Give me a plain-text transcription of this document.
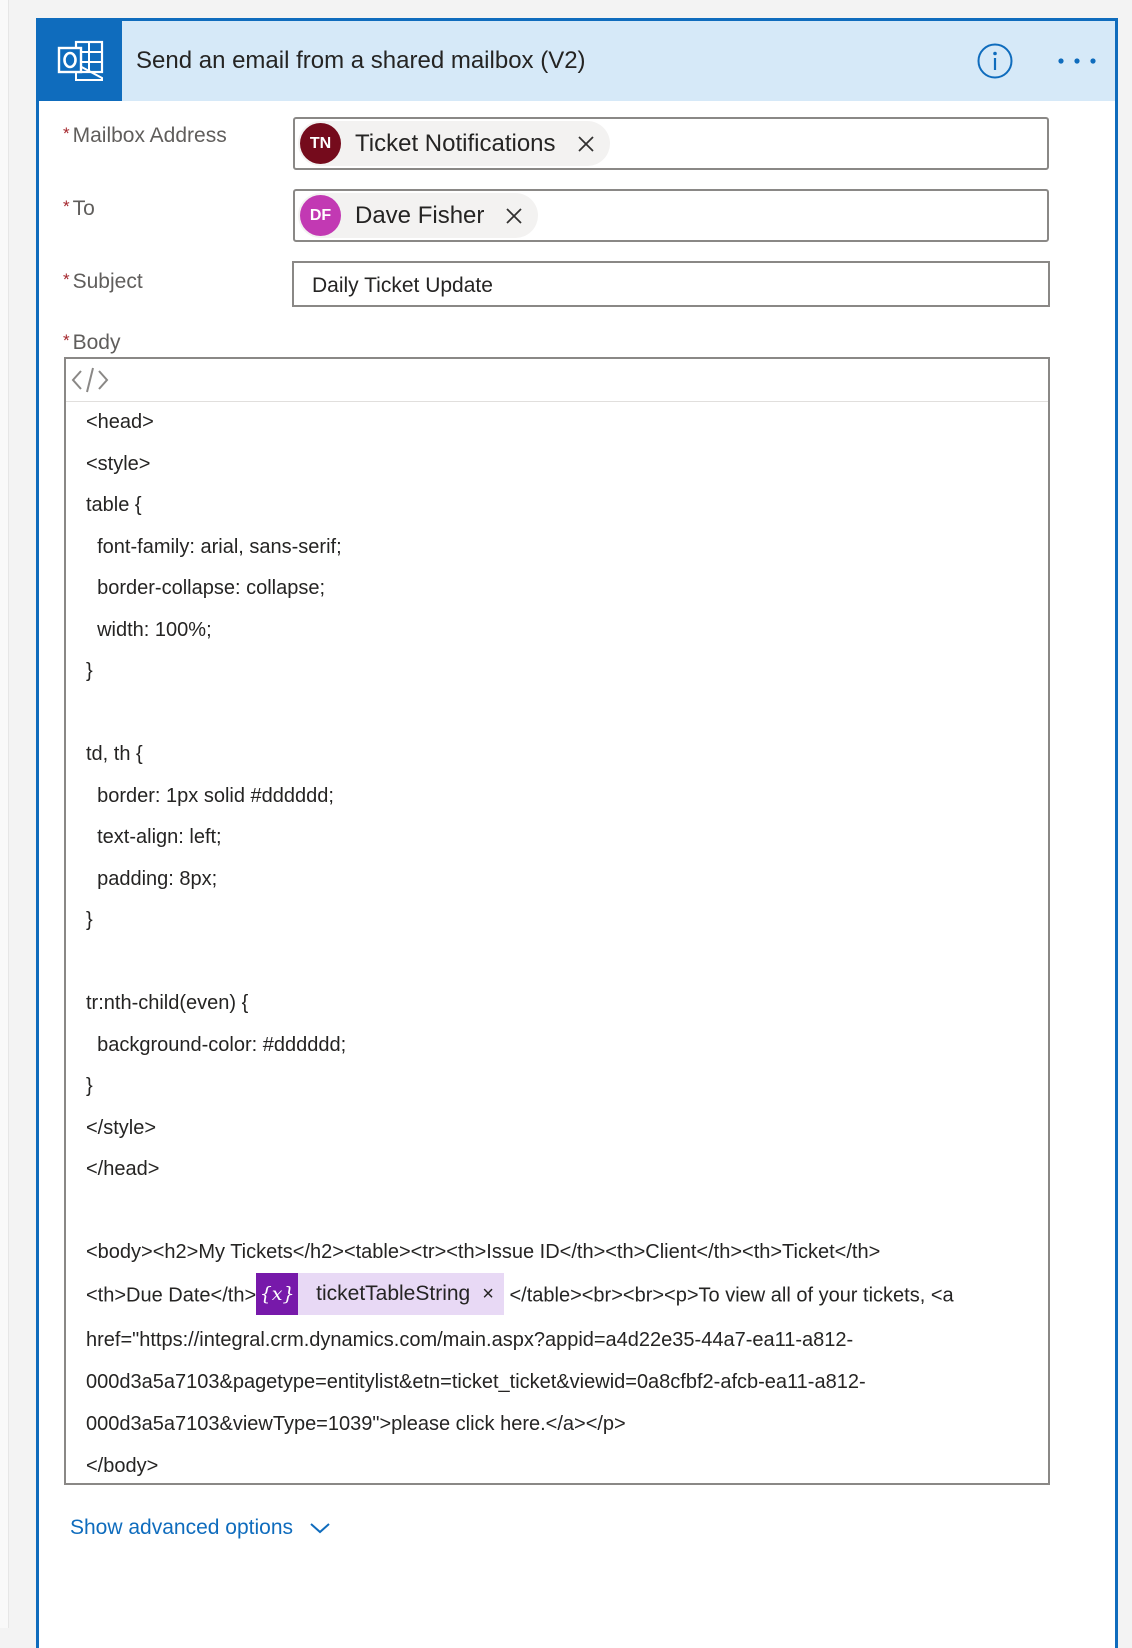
Send an email from a shared mailbox (V2)
* Mailbox Address	TN Ticket Notifications
* To	DF Dave Fisher
* Subject	Daily Ticket Update
* Body
<head>
<style>
table {
font-family: arial, sans-serif;
border-collapse: collapse;
width: 100%;
}
td, th {
border: 1px solid #dddddd;
text-align: left;
padding: 8px;
}
tr:nth-child(even) {
background-color: #dddddd;
}
</style>
</head>
<body><h2>My Tickets</h2><table><tr><th>Issue ID</th><th>Client</th><th>Ticket</th>
<th>Due Date</th> {x} ticketTableString × </table><br><br><p>To view all of your tickets, <a
href="https://integral.crm.dynamics.com/main.aspx?appid=a4d22e35-44a7-ea11-a812-
000d3a5a7103&pagetype=entitylist&etn=ticket_ticket&viewid=0a8cfbf2-afcb-ea11-a812-
000d3a5a7103&viewType=1039">please click here.</a></p>
</body>
Show advanced options
